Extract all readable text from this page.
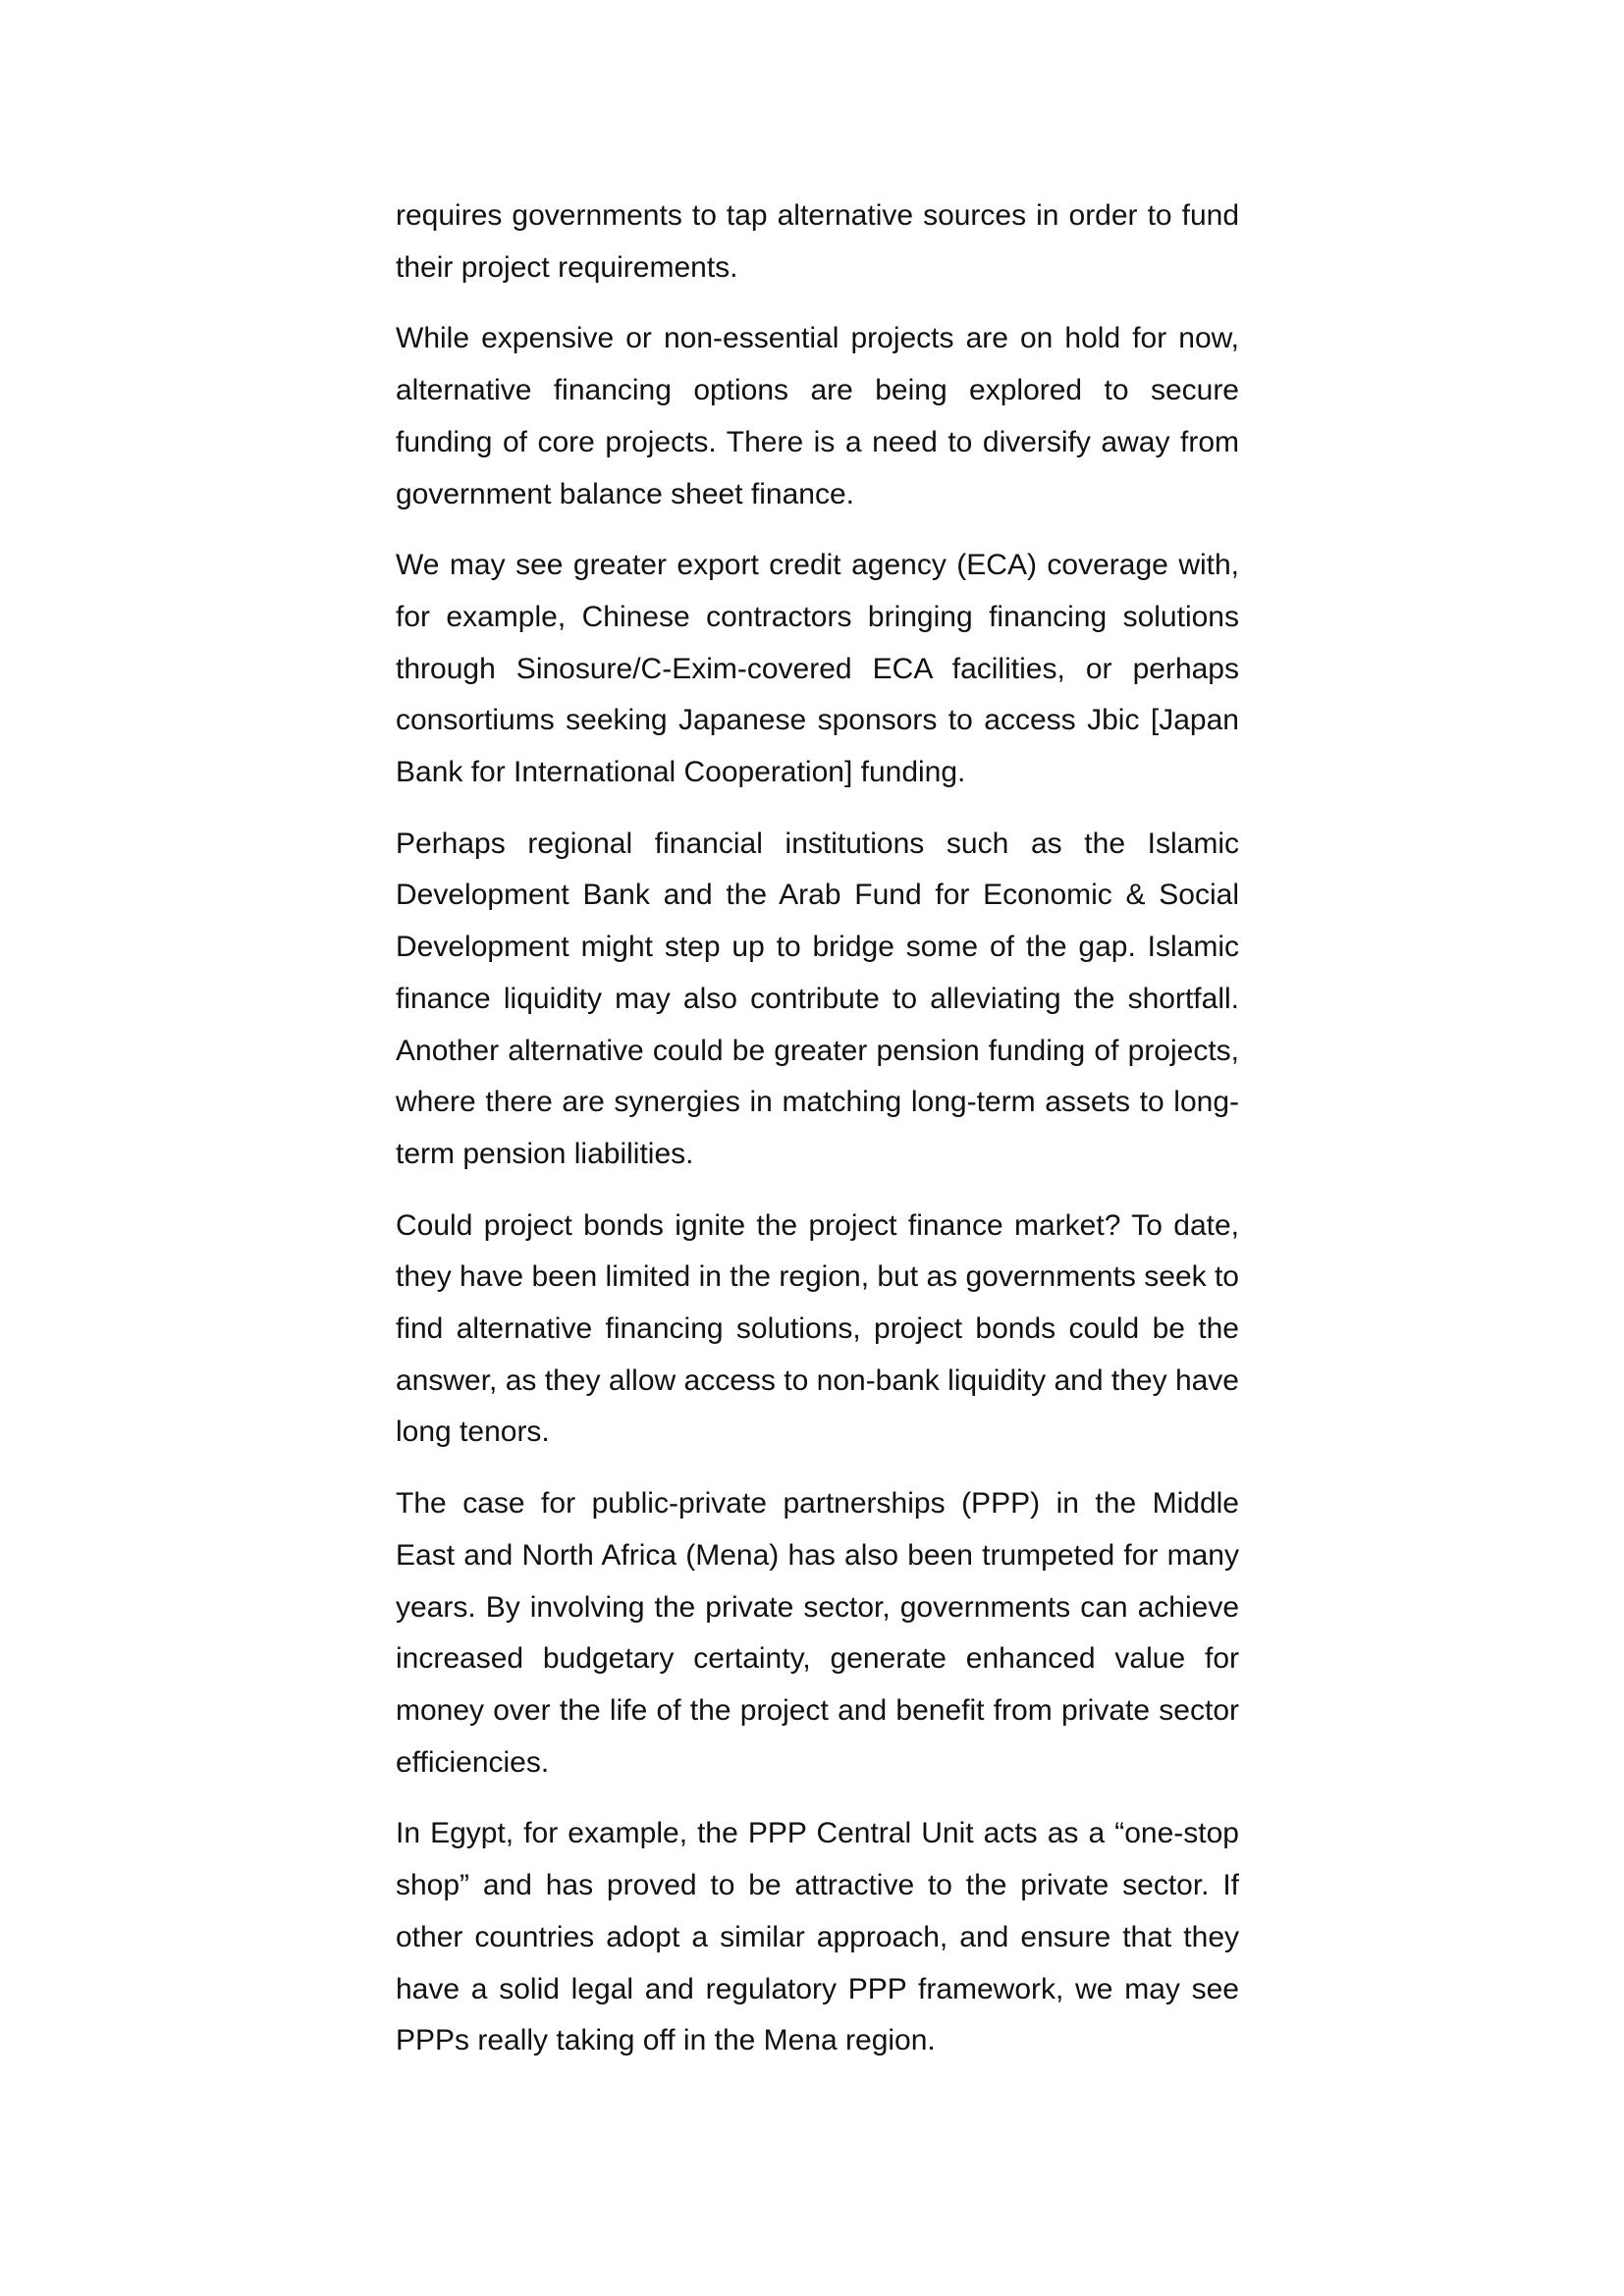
requires governments to tap alternative sources in order to fund their project requirements.

While expensive or non-essential projects are on hold for now, alternative financing options are being explored to secure funding of core projects. There is a need to diversify away from government balance sheet finance.

We may see greater export credit agency (ECA) coverage with, for example, Chinese contractors bringing financing solutions through Sinosure/C-Exim-covered ECA facilities, or perhaps consortiums seeking Japanese sponsors to access Jbic [Japan Bank for International Cooperation] funding.

Perhaps regional financial institutions such as the Islamic Development Bank and the Arab Fund for Economic & Social Development might step up to bridge some of the gap. Islamic finance liquidity may also contribute to alleviating the shortfall. Another alternative could be greater pension funding of projects, where there are synergies in matching long-term assets to long-term pension liabilities.

Could project bonds ignite the project finance market? To date, they have been limited in the region, but as governments seek to find alternative financing solutions, project bonds could be the answer, as they allow access to non-bank liquidity and they have long tenors.

The case for public-private partnerships (PPP) in the Middle East and North Africa (Mena) has also been trumpeted for many years. By involving the private sector, governments can achieve increased budgetary certainty, generate enhanced value for money over the life of the project and benefit from private sector efficiencies.

In Egypt, for example, the PPP Central Unit acts as a “one-stop shop” and has proved to be attractive to the private sector. If other countries adopt a similar approach, and ensure that they have a solid legal and regulatory PPP framework, we may see PPPs really taking off in the Mena region.
